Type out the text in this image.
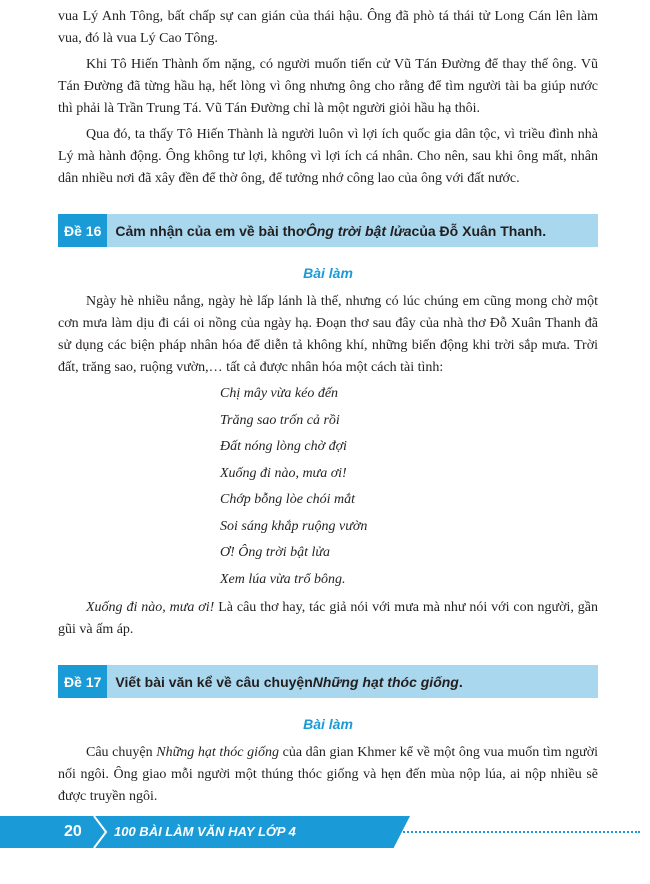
vua Lý Anh Tông, bất chấp sự can gián của thái hậu. Ông đã phò tá thái tử Long Cán lên làm vua, đó là vua Lý Cao Tông.

Khi Tô Hiến Thành ốm nặng, có người muốn tiến cử Vũ Tán Đường để thay thế ông. Vũ Tán Đường đã từng hầu hạ, hết lòng vì ông nhưng ông cho rằng để tìm người tài ba giúp nước thì phải là Trần Trung Tá. Vũ Tán Đường chỉ là một người giỏi hầu hạ thôi.

Qua đó, ta thấy Tô Hiến Thành là người luôn vì lợi ích quốc gia dân tộc, vì triều đình nhà Lý mà hành động. Ông không tư lợi, không vì lợi ích cá nhân. Cho nên, sau khi ông mất, nhân dân nhiều nơi đã xây đền để thờ ông, để tưởng nhớ công lao của ông với đất nước.

Đề 16	Cảm nhận của em về bài thơ Ông trời bật lửa của Đỗ Xuân Thanh.
Bài làm

Ngày hè nhiều nắng, ngày hè lấp lánh là thế, nhưng có lúc chúng em cũng mong chờ một cơn mưa làm dịu đi cái oi nồng của ngày hạ. Đoạn thơ sau đây của nhà thơ Đỗ Xuân Thanh đã sử dụng các biện pháp nhân hóa để diễn tả không khí, những biến động khi trời sắp mưa. Trời đất, trăng sao, ruộng vườn,… tất cả được nhân hóa một cách tài tình:

Chị mây vừa kéo đến
Trăng sao trốn cả rồi
Đất nóng lòng chờ đợi
Xuống đi nào, mưa ơi!
Chớp bỗng lòe chói mắt
Soi sáng khắp ruộng vườn
Ơ! Ông trời bật lửa
Xem lúa vừa trổ bông.

Xuống đi nào, mưa ơi! Là câu thơ hay, tác giả nói với mưa mà như nói với con người, gần gũi và ấm áp.

Đề 17	Viết bài văn kể về câu chuyện Những hạt thóc giống .
Bài làm

Câu chuyện Những hạt thóc giống của dân gian Khmer kể về một ông vua muốn tìm người nối ngôi. Ông giao mỗi người một thúng thóc giống và hẹn đến mùa nộp lúa, ai nộp nhiều sẽ được truyền ngôi.

20 100 BÀI LÀM VĂN HAY LỚP 4
